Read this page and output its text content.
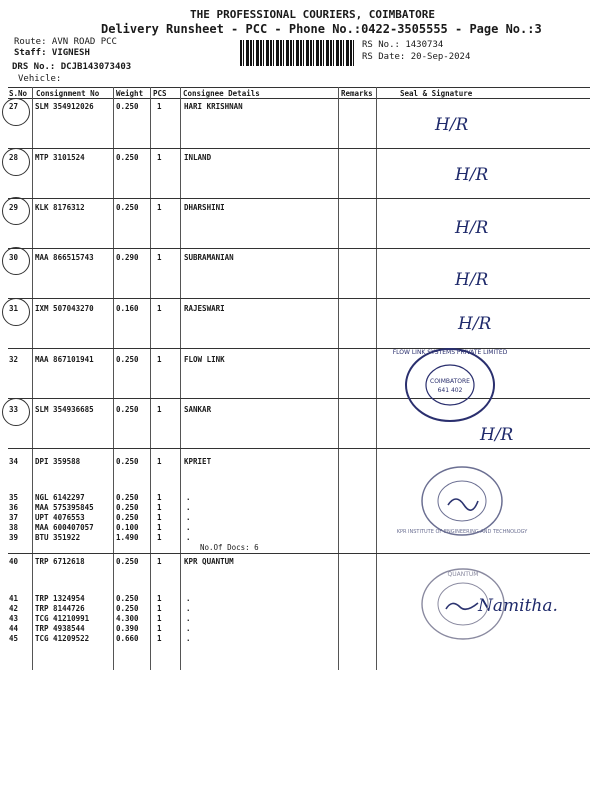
THE PROFESSIONAL COURIERS, COIMBATORE
Delivery Runsheet - PCC - Phone No.:0422-3505555 - Page No.:3
Route: AVN ROAD PCC
Staff: VIGNESH
DRS No.: DCJB143073403
Vehicle:
RS No.: 1430734
RS Date: 20-Sep-2024
S.No Consignment No Weight PCS Consignee Details	Remarks	Seal & Signature
27 SLM 354912026	0.250 1	HARI KRISHNAN
28 MTP 3101524	0.250 1	INLAND
29 KLK 8176312	0.250 1	DHARSHINI
30 MAA 866515743	0.290 1	SUBRAMANIAN
31 IXM 507043270	0.160 1	RAJESWARI
32 MAA 867101941	0.250 1	FLOW LINK
33 SLM 354936685	0.250 1	SANKAR
34 DPI 359588	0.250 1	KPRIET
35 NGL 6142297	0.250 1	.
36 MAA 575395845	0.250 1	.
37 UPT 4076553	0.250 1	.
38 MAA 600407057	0.100 1	.
39 BTU 351922	1.490 1	.
No.Of Docs: 6
40 TRP 6712618	0.250 1	KPR QUANTUM
41 TRP 1324954	0.250 1	.
42 TRP 8144726	0.250 1	.
43 TCG 41210991	4.300 1	.
44 TRP 4938544	0.390 1	.
45 TCG 41209522	0.660 1	.
H/R
H/R
H/R
H/R
H/R
H/R
Namitha.
FLOW LINK SYSTEMS PRIVATE LIMITED
COIMBATORE
641 402
KPR INSTITUTE OF ENGINEERING AND TECHNOLOGY
QUANTUM
